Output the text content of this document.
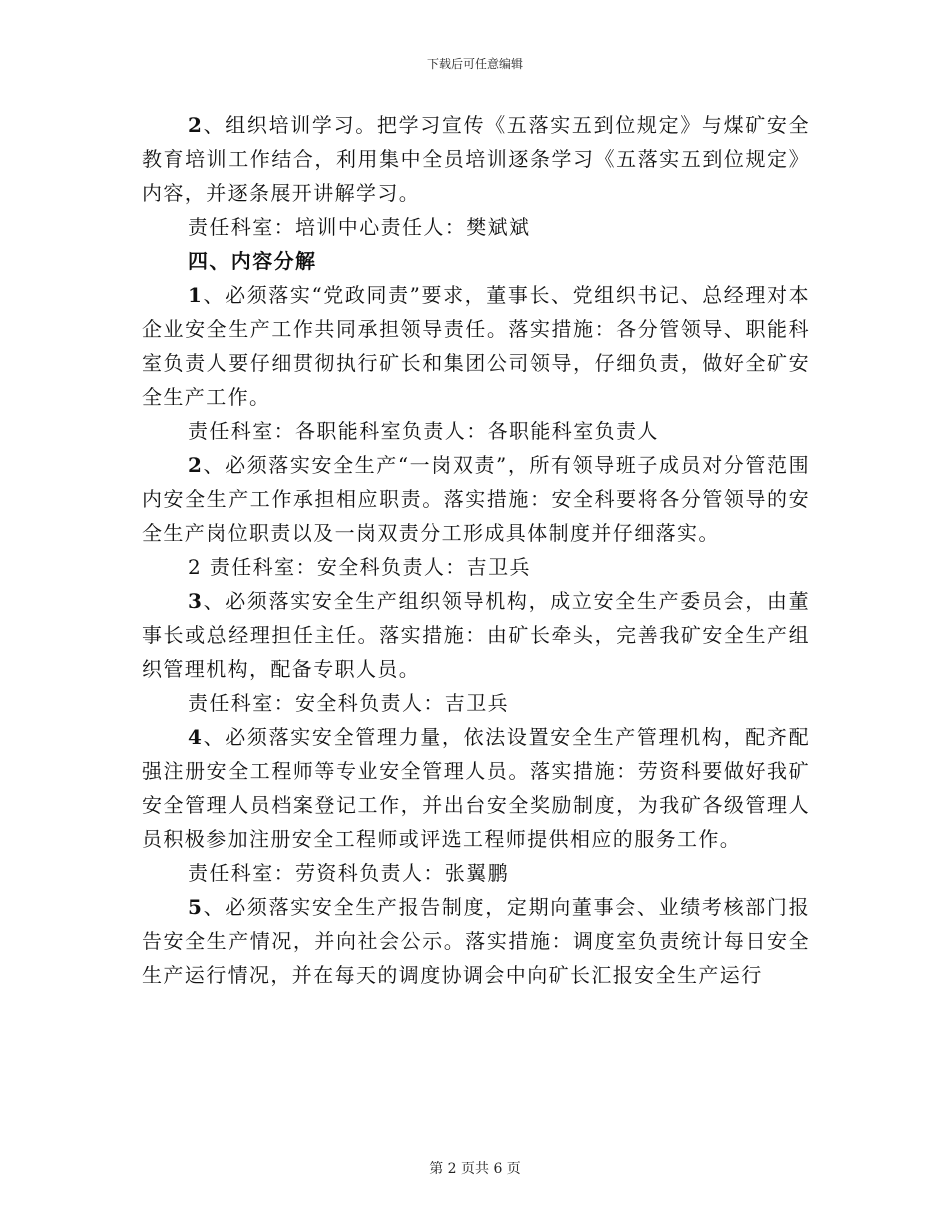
下载后可任意编辑

2、组织培训学习。把学习宣传《五落实五到位规定》与煤矿安全教育培训工作结合，利用集中全员培训逐条学习《五落实五到位规定》内容，并逐条展开讲解学习。

责任科室：培训中心责任人：樊斌斌

四、内容分解

1、必须落实“党政同责”要求，董事长、党组织书记、总经理对本企业安全生产工作共同承担领导责任。落实措施：各分管领导、职能科室负责人要仔细贯彻执行矿长和集团公司领导，仔细负责，做好全矿安全生产工作。

责任科室：各职能科室负责人：各职能科室负责人

2、必须落实安全生产“一岗双责”，所有领导班子成员对分管范围内安全生产工作承担相应职责。落实措施：安全科要将各分管领导的安全生产岗位职责以及一岗双责分工形成具体制度并仔细落实。

2 责任科室：安全科负责人：吉卫兵

3、必须落实安全生产组织领导机构，成立安全生产委员会，由董事长或总经理担任主任。落实措施：由矿长牵头，完善我矿安全生产组织管理机构，配备专职人员。

责任科室：安全科负责人：吉卫兵

4、必须落实安全管理力量，依法设置安全生产管理机构，配齐配强注册安全工程师等专业安全管理人员。落实措施：劳资科要做好我矿安全管理人员档案登记工作，并出台安全奖励制度，为我矿各级管理人员积极参加注册安全工程师或评选工程师提供相应的服务工作。

责任科室：劳资科负责人：张翼鹏

5、必须落实安全生产报告制度，定期向董事会、业绩考核部门报告安全生产情况，并向社会公示。落实措施：调度室负责统计每日安全生产运行情况，并在每天的调度协调会中向矿长汇报安全生产运行

第 2 页共 6 页
